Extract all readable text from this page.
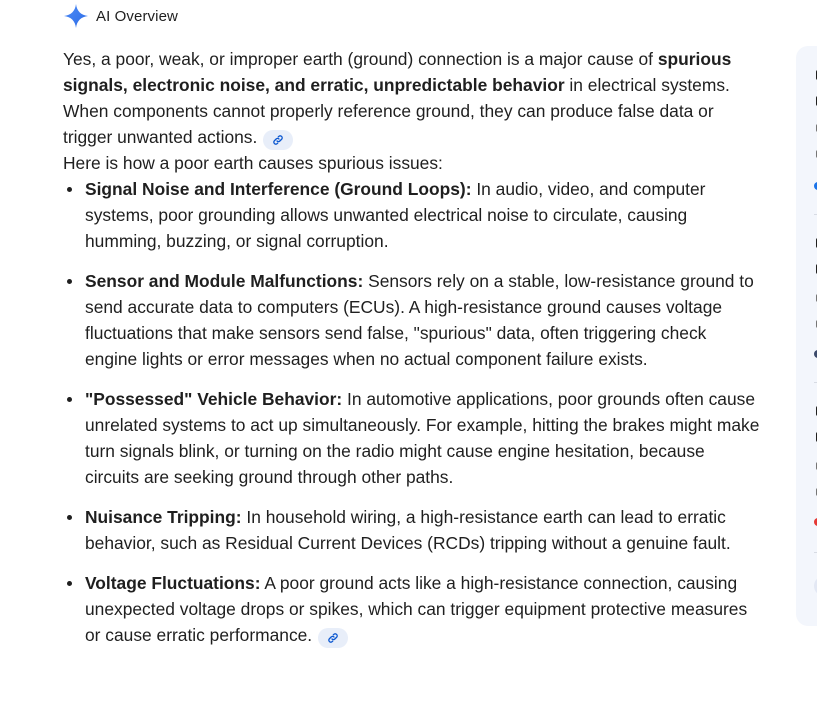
AI Overview

Yes, a poor, weak, or improper earth (ground) connection is a major cause of spurious signals, electronic noise, and erratic, unpredictable behavior in electrical systems. When components cannot properly reference ground, they can produce false data or trigger unwanted actions.

Here is how a poor earth causes spurious issues:

Signal Noise and Interference (Ground Loops): In audio, video, and computer systems, poor grounding allows unwanted electrical noise to circulate, causing humming, buzzing, or signal corruption.
Sensor and Module Malfunctions: Sensors rely on a stable, low-resistance ground to send accurate data to computers (ECUs). A high-resistance ground causes voltage fluctuations that make sensors send false, "spurious" data, often triggering check engine lights or error messages when no actual component failure exists.
"Possessed" Vehicle Behavior: In automotive applications, poor grounds often cause unrelated systems to act up simultaneously. For example, hitting the brakes might make turn signals blink, or turning on the radio might cause engine hesitation, because circuits are seeking ground through other paths.
Nuisance Tripping: In household wiring, a high-resistance earth can lead to erratic behavior, such as Residual Current Devices (RCDs) tripping without a genuine fault.
Voltage Fluctuations: A poor ground acts like a high-resistance connection, causing unexpected voltage drops or spikes, which can trigger equipment protective measures or cause erratic performance.
